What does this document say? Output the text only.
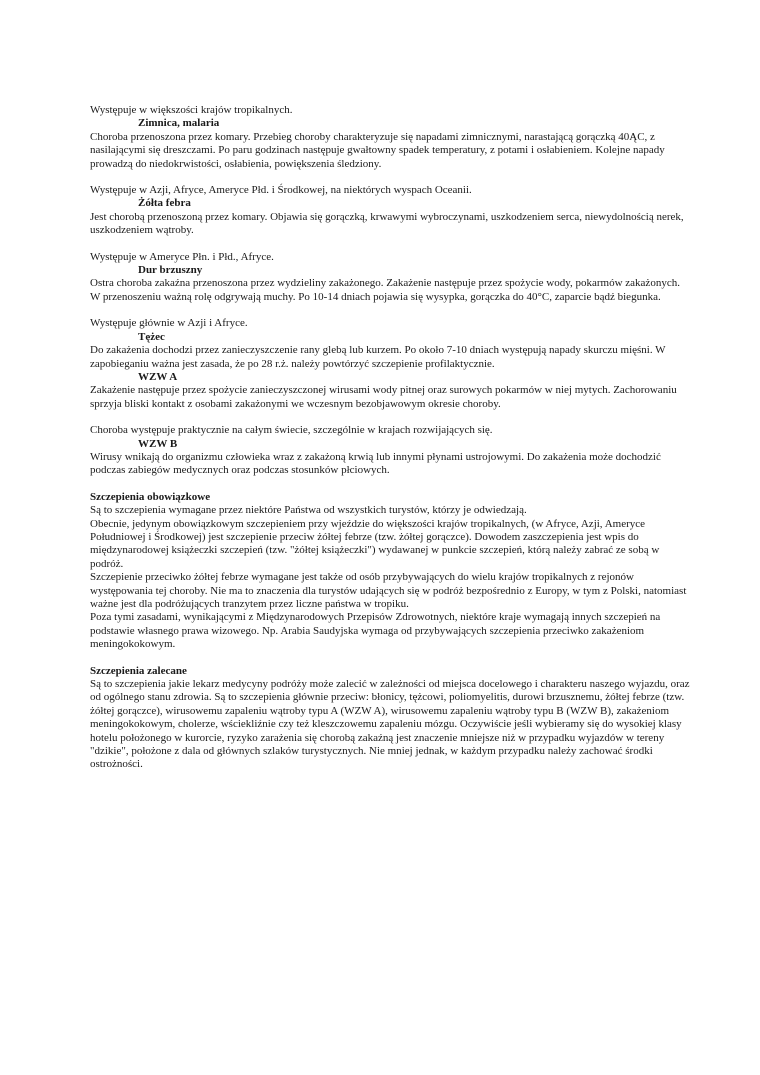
Występuje w większości krajów tropikalnych.

Zimnica, malaria

Choroba przenoszona przez komary. Przebieg choroby charakteryzuje się napadami zimnicznymi, narastającą gorączką 40ĄC, z nasilającymi się dreszczami. Po paru godzinach następuje gwałtowny spadek temperatury, z potami i osłabieniem. Kolejne napady prowadzą do niedokrwistości, osłabienia, powiększenia śledziony.

Występuje w Azji, Afryce, Ameryce Płd. i Środkowej, na niektórych wyspach Oceanii.

Żółta febra

Jest chorobą przenoszoną przez komary. Objawia się gorączką, krwawymi wybroczynami, uszkodzeniem serca, niewydolnością nerek, uszkodzeniem wątroby.

Występuje w Ameryce Płn. i Płd., Afryce.

Dur brzuszny

Ostra choroba zakaźna przenoszona przez wydzieliny zakażonego. Zakażenie następuje przez spożycie wody, pokarmów zakażonych. W przenoszeniu ważną rolę odgrywają muchy. Po 10-14 dniach pojawia się wysypka, gorączka do 40°C, zaparcie bądź biegunka.

Występuje głównie w Azji i Afryce.

Tężec

Do zakażenia dochodzi przez zanieczyszczenie rany glebą lub kurzem. Po około 7-10 dniach występują napady skurczu mięśni. W zapobieganiu ważna jest zasada, że po 28 r.ż. należy powtórzyć szczepienie profilaktycznie.

WZW A

Zakażenie następuje przez spożycie zanieczyszczonej wirusami wody pitnej oraz surowych pokarmów w niej mytych. Zachorowaniu sprzyja bliski kontakt z osobami zakażonymi we wczesnym bezobjawowym okresie choroby.

Choroba występuje praktycznie na całym świecie, szczególnie w krajach rozwijających się.

WZW B

Wirusy wnikają do organizmu człowieka wraz z zakażoną krwią lub innymi płynami ustrojowymi. Do zakażenia może dochodzić podczas zabiegów medycznych oraz podczas stosunków płciowych.

Szczepienia obowiązkowe

Są to szczepienia wymagane przez niektóre Państwa od wszystkich turystów, którzy je odwiedzają.

Obecnie, jedynym obowiązkowym szczepieniem przy wjeździe do większości krajów tropikalnych, (w Afryce, Azji, Ameryce Południowej i Środkowej) jest szczepienie przeciw żółtej febrze (tzw. żółtej gorączce). Dowodem zaszczepienia jest wpis do międzynarodowej książeczki szczepień (tzw. "żółtej książeczki") wydawanej w punkcie szczepień, którą należy zabrać ze sobą w podróż.

Szczepienie przeciwko żółtej febrze wymagane jest także od osób przybywających do wielu krajów tropikalnych z rejonów występowania tej choroby. Nie ma to znaczenia dla turystów udających się w podróż bezpośrednio z Europy, w tym z Polski, natomiast ważne jest dla podróżujących tranzytem przez liczne państwa w tropiku.

Poza tymi zasadami, wynikającymi z Międzynarodowych Przepisów Zdrowotnych, niektóre kraje wymagają innych szczepień na podstawie własnego prawa wizowego. Np. Arabia Saudyjska wymaga od przybywających szczepienia przeciwko zakażeniom meningokokowym.

Szczepienia zalecane

Są to szczepienia jakie lekarz medycyny podróży może zalecić w zależności od miejsca docelowego i charakteru naszego wyjazdu, oraz od ogólnego stanu zdrowia. Są to szczepienia głównie przeciw: błonicy, tężcowi, poliomyelitis, durowi brzusznemu, żółtej febrze (tzw. żółtej gorączce), wirusowemu zapaleniu wątroby typu A (WZW A), wirusowemu zapaleniu wątroby typu B (WZW B), zakażeniom meningokokowym, cholerze, wściekliźnie czy też kleszczowemu zapaleniu mózgu. Oczywiście jeśli wybieramy się do wysokiej klasy hotelu położonego w kurorcie, ryzyko zarażenia się chorobą zakaźną jest znaczenie mniejsze niż w przypadku wyjazdów w tereny "dzikie", położone z dala od głównych szlaków turystycznych. Nie mniej jednak, w każdym przypadku należy zachować środki ostrożności.
